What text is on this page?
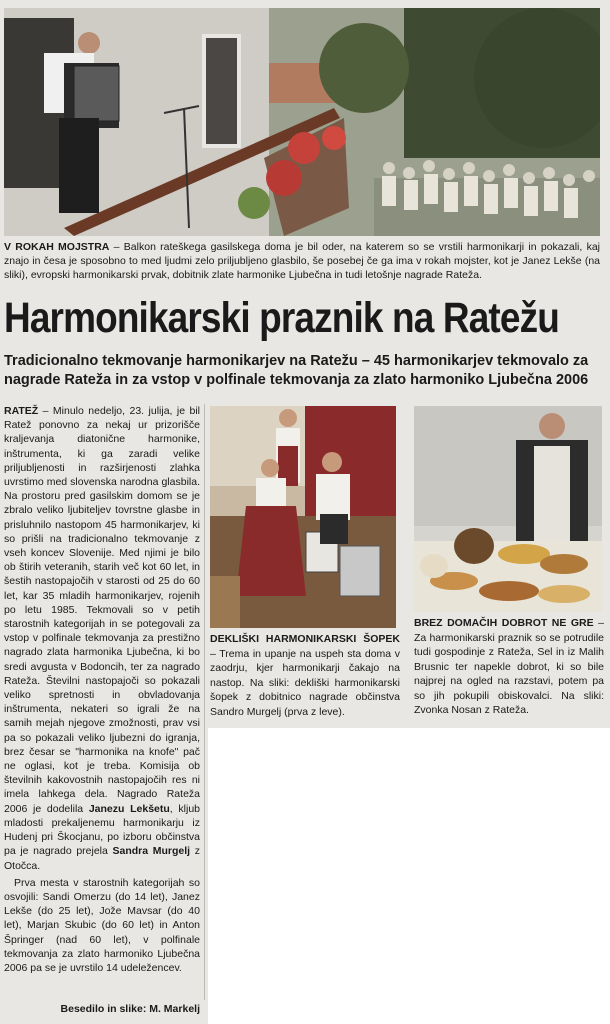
V ROKAH MOJSTRA – Balkon rateškega gasilskega doma je bil oder, na katerem so se vrstili harmonikarji in pokazali, kaj znajo in česa je sposobno to med ljudmi zelo priljubljeno glasbilo, še posebej če ga ima v rokah mojster, kot je Janez Lekše (na sliki), evropski harmonikarski prvak, dobitnik zlate harmonike Ljubečna in tudi letošnje nagrade Rateža.
Harmonikarski praznik na Ratežu
Tradicionalno tekmovanje harmonikarjev na Ratežu – 45 harmonikarjev tekmovalo za nagrade Rateža in za vstop v polfinale tekmovanja za zlato harmoniko Ljubečna 2006

RATEŽ – Minulo nedeljo, 23. julija, je bil Ratež ponovno za nekaj ur prizorišče kraljevanja diatonične harmonike, inštrumenta, ki ga zaradi velike priljubljenosti in razširjenosti zlahka uvrstimo med slovenska narodna glasbila. Na prostoru pred gasilskim domom se je zbralo veliko ljubiteljev tovrstne glasbe in prisluhnilo nastopom 45 harmonikarjev, ki so prišli na tradicionalno tekmovanje z vseh koncev Slovenije. Med njimi je bilo ob štirih veteranih, starih več kot 60 let, in šestih nastopajočih v starosti od 25 do 60 let, kar 35 mladih harmonikarjev, rojenih po letu 1985. Tekmovali so v petih starostnih kategorijah in se potegovali za vstop v polfinale tekmovanja za prestižno nagrado zlata harmonika Ljubečna, ki bo sredi avgusta v Bodoncih, ter za nagrado Rateža. Številni nastopajoči so pokazali veliko spretnosti in obvladovanja inštrumenta, nekateri so igrali že na samih mejah njegove zmožnosti, prav vsi pa so pokazali veliko ljubezni do igranja, brez česar se "harmonika na knofe" pač ne oglasi, kot je treba. Komisija ob številnih kakovostnih nastopajočih res ni imela lahkega dela. Nagrado Rateža 2006 je dodelila Janezu Lekšetu, kljub mladosti prekaljenemu harmonikarju iz Hudenj pri Škocjanu, po izboru občinstva pa je nagrado prejela Sandra Murgelj z Otočca.

Prva mesta v starostnih kategorijah so osvojili: Sandi Omerzu (do 14 let), Janez Lekše (do 25 let), Jože Mavsar (do 40 let), Marjan Skubic (do 60 let) in Anton Špringer (nad 60 let), v polfinale tekmovanja za zlato harmoniko Ljubečna 2006 pa se je uvrstilo 14 udeležencev.

Besedilo in slike: M. Markelj
DEKLIŠKI HARMONIKARSKI ŠOPEK – Trema in upanje na uspeh sta doma v zaodrju, kjer harmonikarji čakajo na nastop. Na sliki: dekliški harmonikarski šopek z dobitnico nagrade občinstva Sandro Murgelj (prva z leve).
BREZ DOMAČIH DOBROT NE GRE – Za harmonikarski praznik so se potrudile tudi gospodinje z Rateža, Sel in iz Malih Brusnic ter napekle dobrot, ki so bile najprej na ogled na razstavi, potem pa so jih pokupili obiskovalci. Na sliki: Zvonka Nosan z Rateža.
